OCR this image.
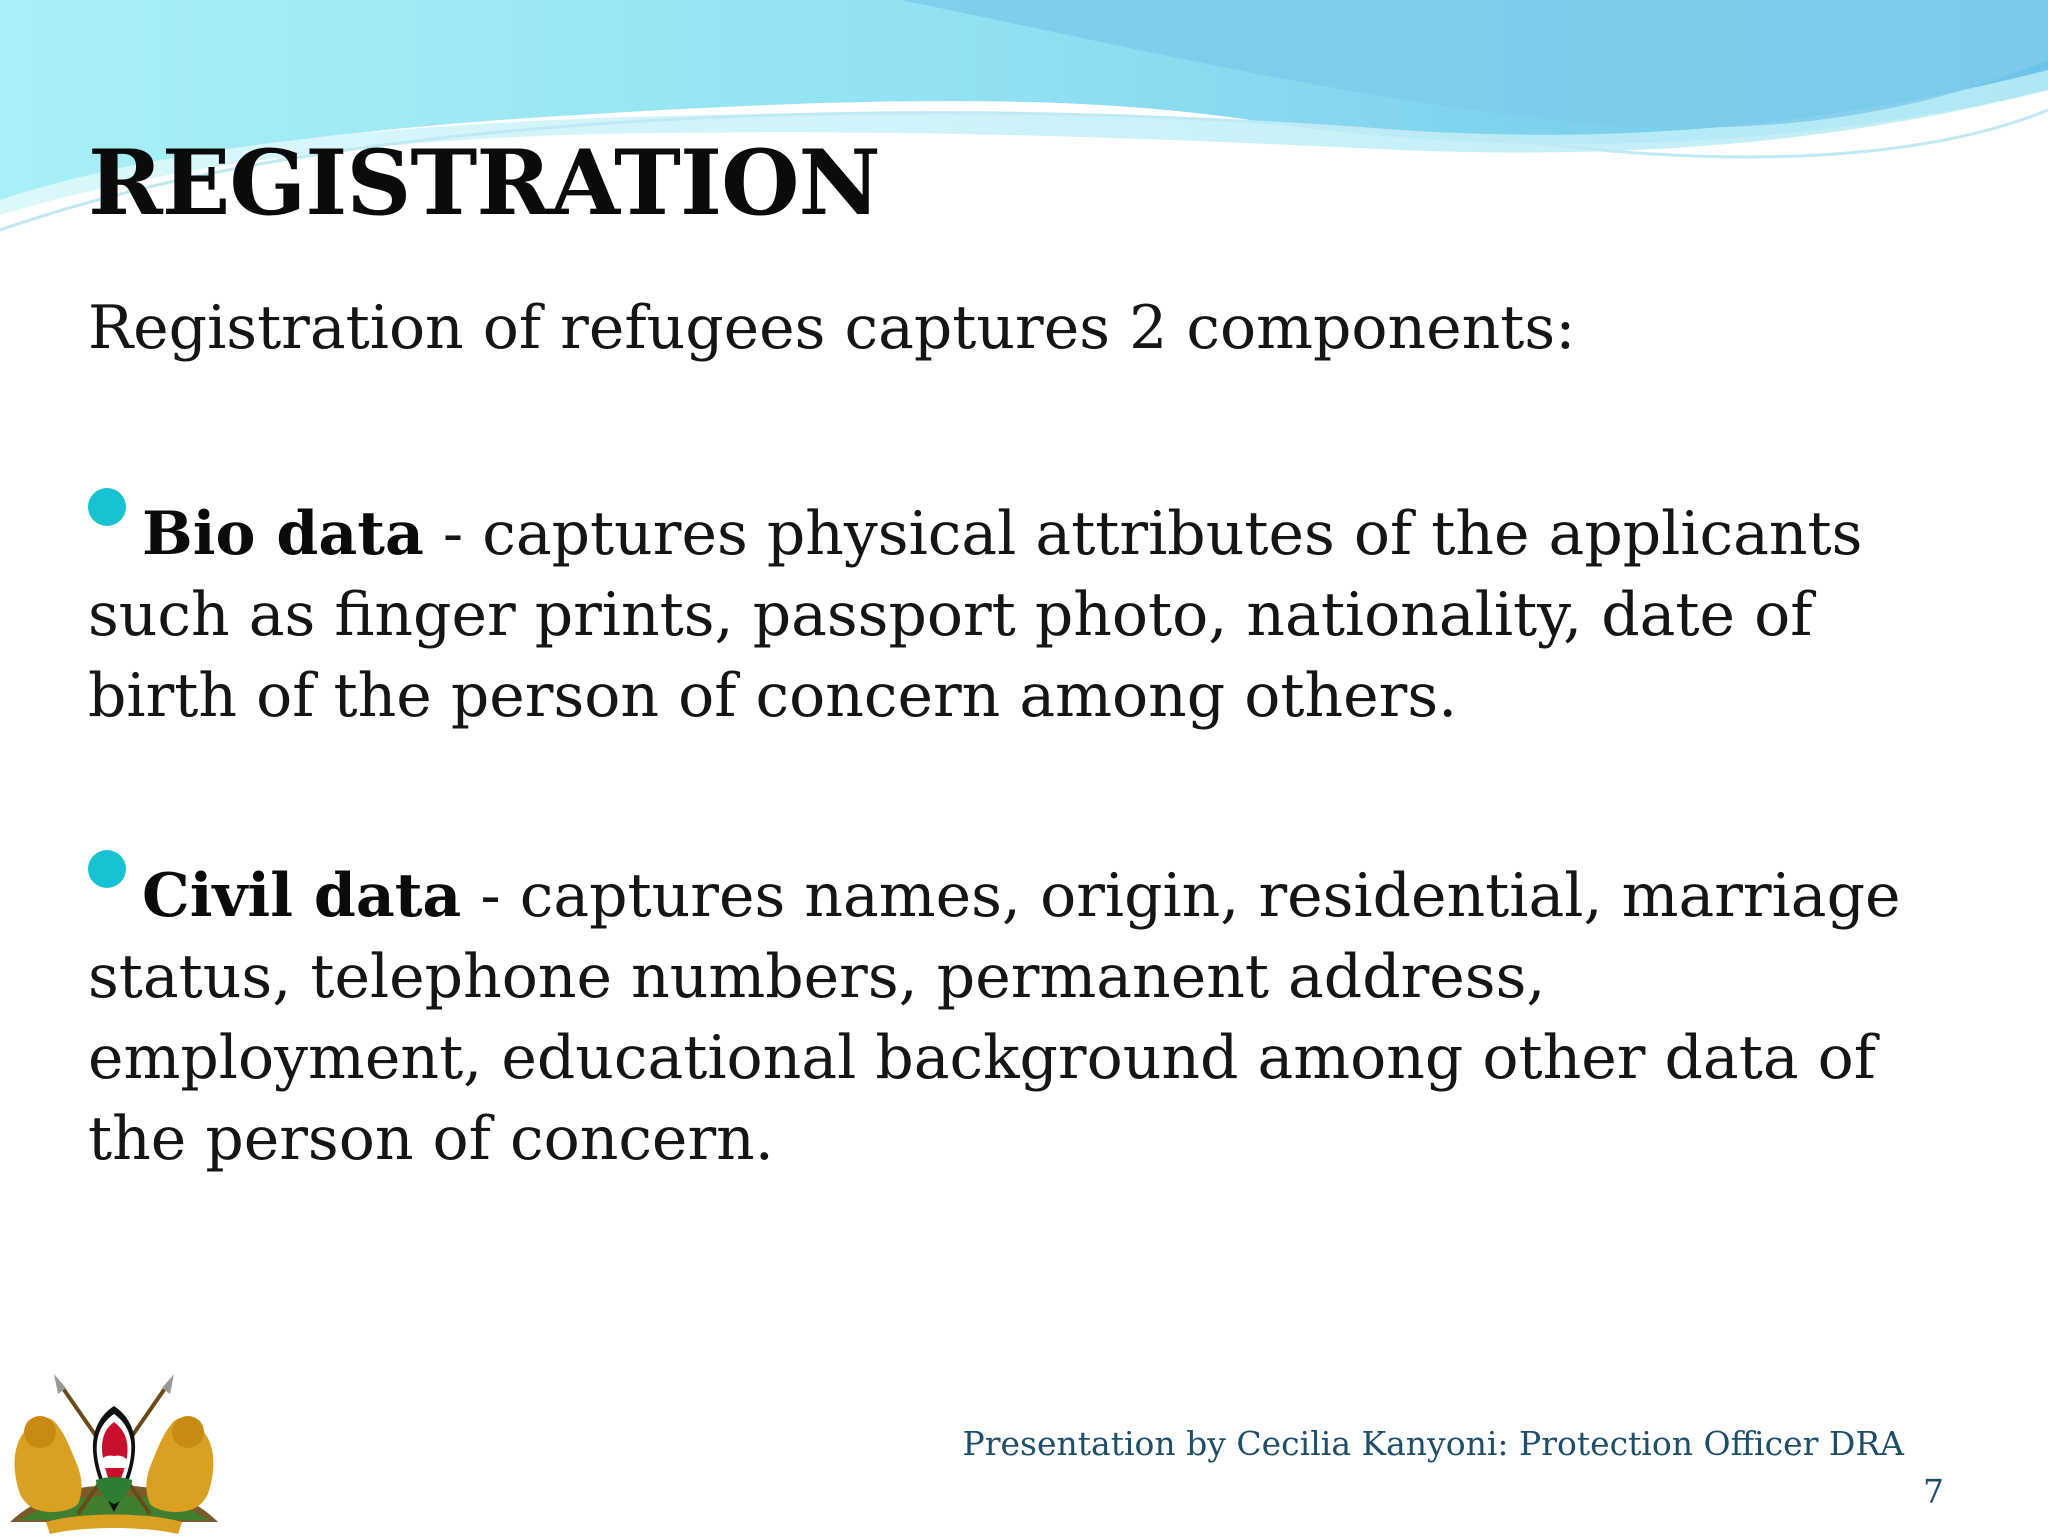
REGISTRATION

Registration of refugees captures 2 components:

Bio data - captures physical attributes of the applicants such as finger prints, passport photo, nationality, date of birth of the person of concern among others.

Civil data - captures names, origin, residential, marriage status, telephone numbers, permanent address, employment, educational background among other data of the person of concern.

Presentation by Cecilia Kanyoni: Protection Officer DRA

7
